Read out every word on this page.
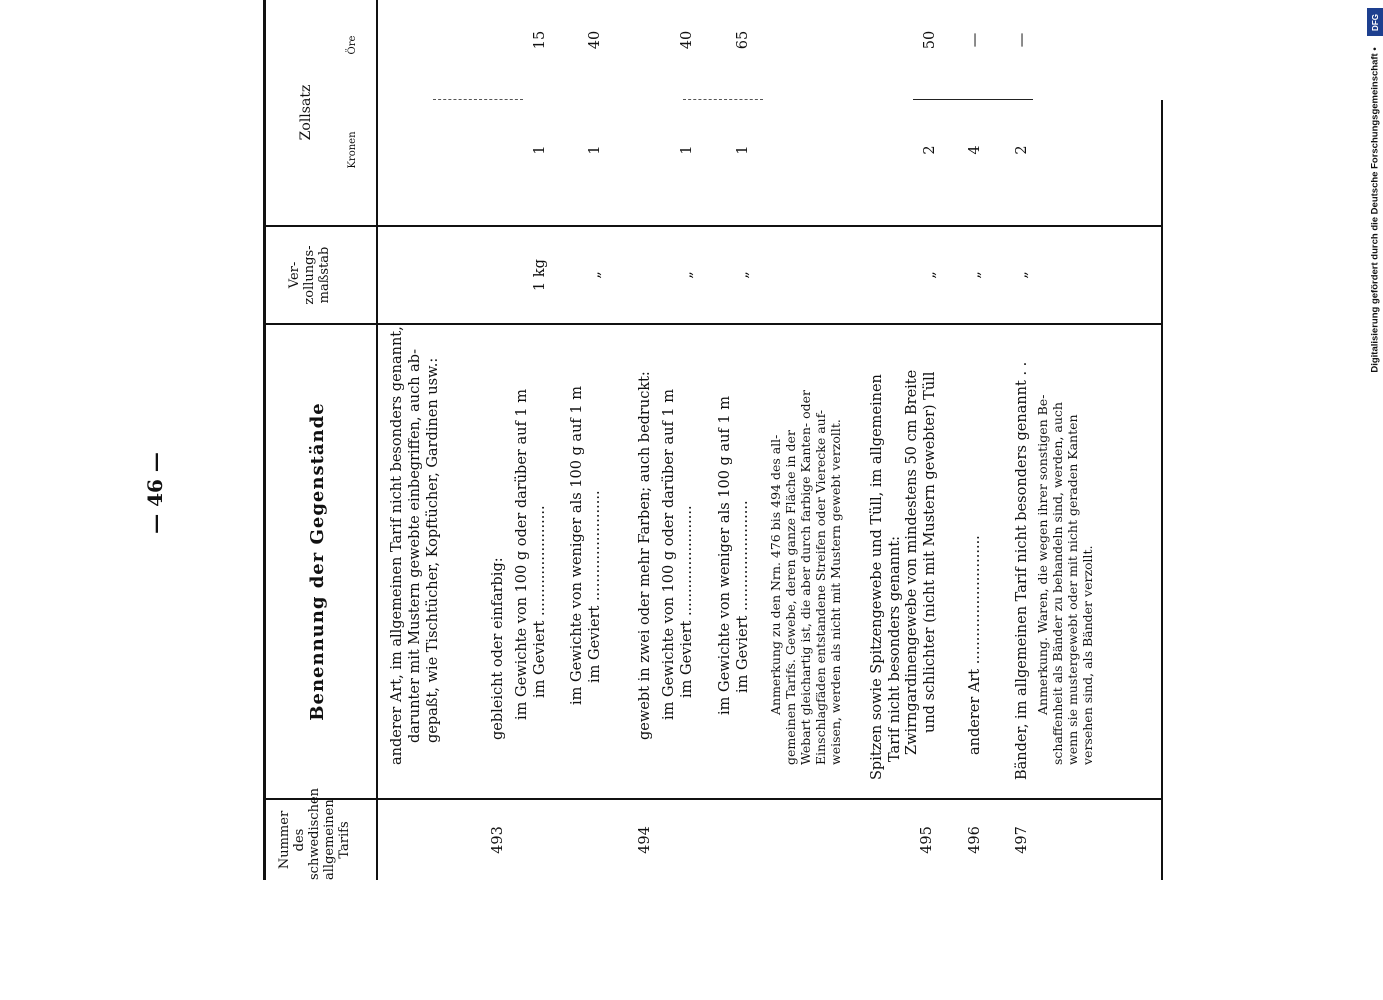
— 46 —
Digitalisierung gefördert durch die Deutsche Forschungsgemeinschaft •
DFG
Nummer des schwedischen allgemeinen Tarifs
Benennung der Gegenstände
Ver- zollungs- maßstab
Zollsatz
Kronen
Öre
anderer Art, im allgemeinen Tarif nicht besonders genannt, darunter mit Mustern gewebte einbegriffen, auch ab- gepaßt, wie Tischtücher, Kopftücher, Gardinen usw.:
493
gebleicht oder einfarbig: im Gewichte von 100 g oder darüber auf 1 m im Geviert ........................
1 kg
1
15
im Gewichte von weniger als 100 g auf 1 m im Geviert ........................
„
1
40
494
gewebt in zwei oder mehr Farben; auch bedruckt: im Gewichte von 100 g oder darüber auf 1 m im Geviert ........................
„
1
40
im Gewichte von weniger als 100 g auf 1 m im Geviert ........................
„
1
65
Anmerkung zu den Nrn. 476 bis 494 des all- gemeinen Tarifs. Gewebe, deren ganze Fläche in der Webart gleichartig ist, die aber durch farbige Kanten- oder Einschlagfäden entstandene Streifen oder Vierecke auf- weisen, werden als nicht mit Mustern gewebt verzollt. Spitzen sowie Spitzengewebe und Tüll, im allgemeinen Tarif nicht besonders genannt:
495
Zwirngardinengewebe von mindestens 50 cm Breite und schlichter (nicht mit Mustern gewebter) Tüll
„
2
50
496
anderer Art ............................
„
4
—
497
Bänder, im allgemeinen Tarif nicht besonders genannt . .
„
2
—
Anmerkung. Waren, die wegen ihrer sonstigen Be- schaffenheit als Bänder zu behandeln sind, werden, auch wenn sie mustergewebt oder mit nicht geraden Kanten versehen sind, als Bänder verzollt.
